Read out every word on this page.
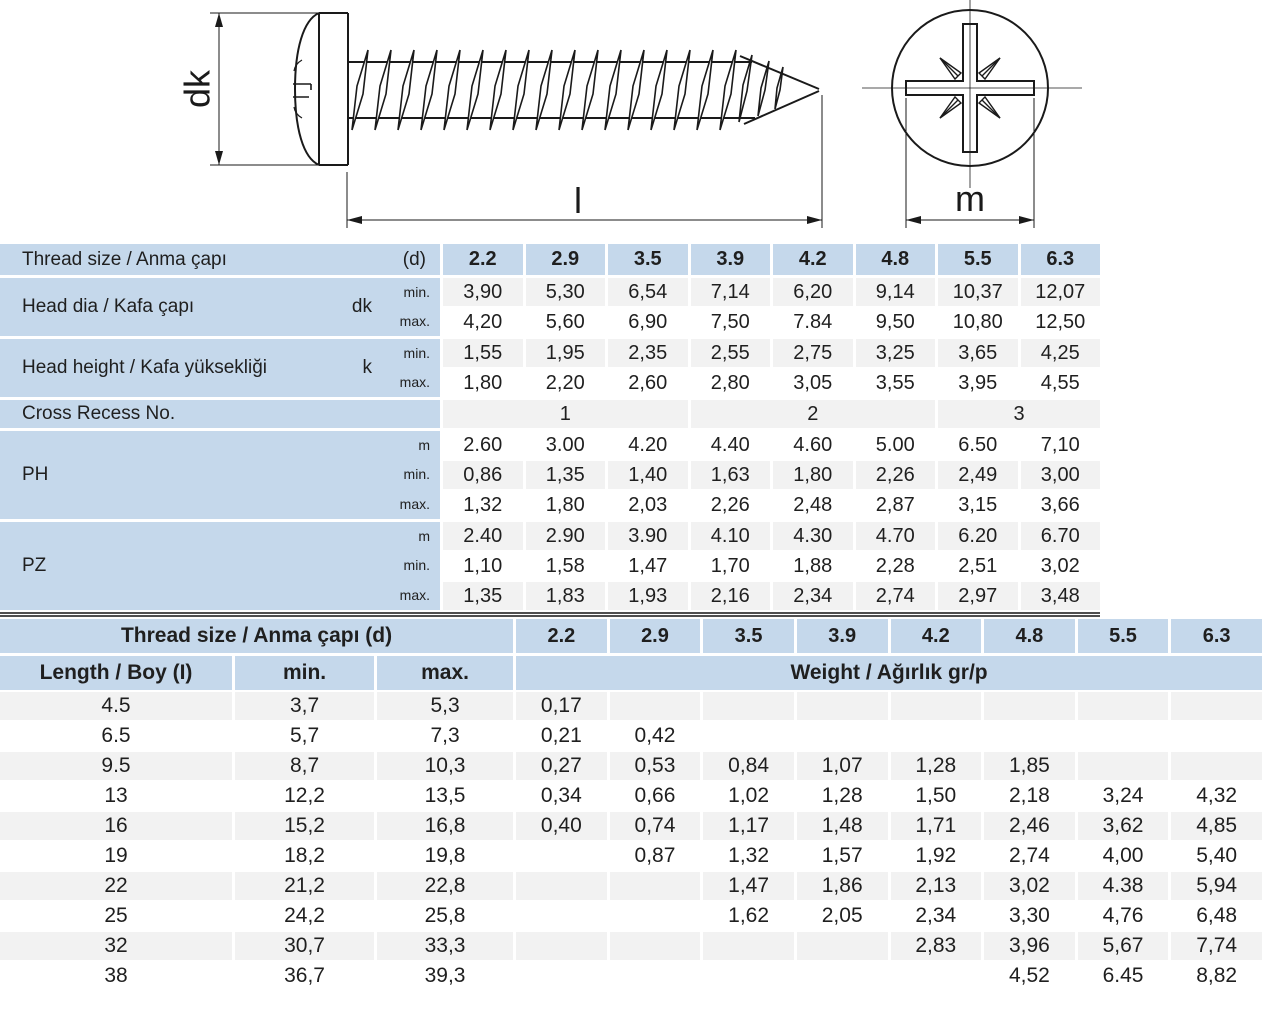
dk
l	m
Thread size / Anma çapı (d)		2.2	2.9	3.5	3.9	4.2	4.8	5.5	6.3

Head dia / Kafa çapı dk	min.	3,90	5,30	6,54	7,14	6,20	9,14	10,37	12,07
	max.	4,20	5,60	6,90	7,50	7.84	9,50	10,80	12,50

Head height / Kafa yüksekliği k	min.	1,55	1,95	2,35	2,55	2,75	3,25	3,65	4,25
	max.	1,80	2,20	2,60	2,80	3,05	3,55	3,95	4,55

Cross Recess No.		1			2			3	

PH	m	2.60	3.00	4.20	4.40	4.60	5.00	6.50	7,10
	min.	0,86	1,35	1,40	1,63	1,80	2,26	2,49	3,00
	max.	1,32	1,80	2,03	2,26	2,48	2,87	3,15	3,66

PZ	m	2.40	2.90	3.90	4.10	4.30	4.70	6.20	6.70
	min.	1,10	1,58	1,47	1,70	1,88	2,28	2,51	3,02
	max.	1,35	1,83	1,93	2,16	2,34	2,74	2,97	3,48
Thread size / Anma çapı (d)			2.2	2.9	3.5	3.9	4.2	4.8	5.5	6.3
Length / Boy (I)	min.	max.	Weight / Ağırlık gr/p							
4.5	3,7	5,3	0,17							
6.5	5,7	7,3	0,21	0,42						
9.5	8,7	10,3	0,27	0,53	0,84	1,07	1,28	1,85		
13	12,2	13,5	0,34	0,66	1,02	1,28	1,50	2,18	3,24	4,32
16	15,2	16,8	0,40	0,74	1,17	1,48	1,71	2,46	3,62	4,85
19	18,2	19,8		0,87	1,32	1,57	1,92	2,74	4,00	5,40
22	21,2	22,8			1,47	1,86	2,13	3,02	4.38	5,94
25	24,2	25,8			1,62	2,05	2,34	3,30	4,76	6,48
32	30,7	33,3					2,83	3,96	5,67	7,74
38	36,7	39,3						4,52	6.45	8,82
